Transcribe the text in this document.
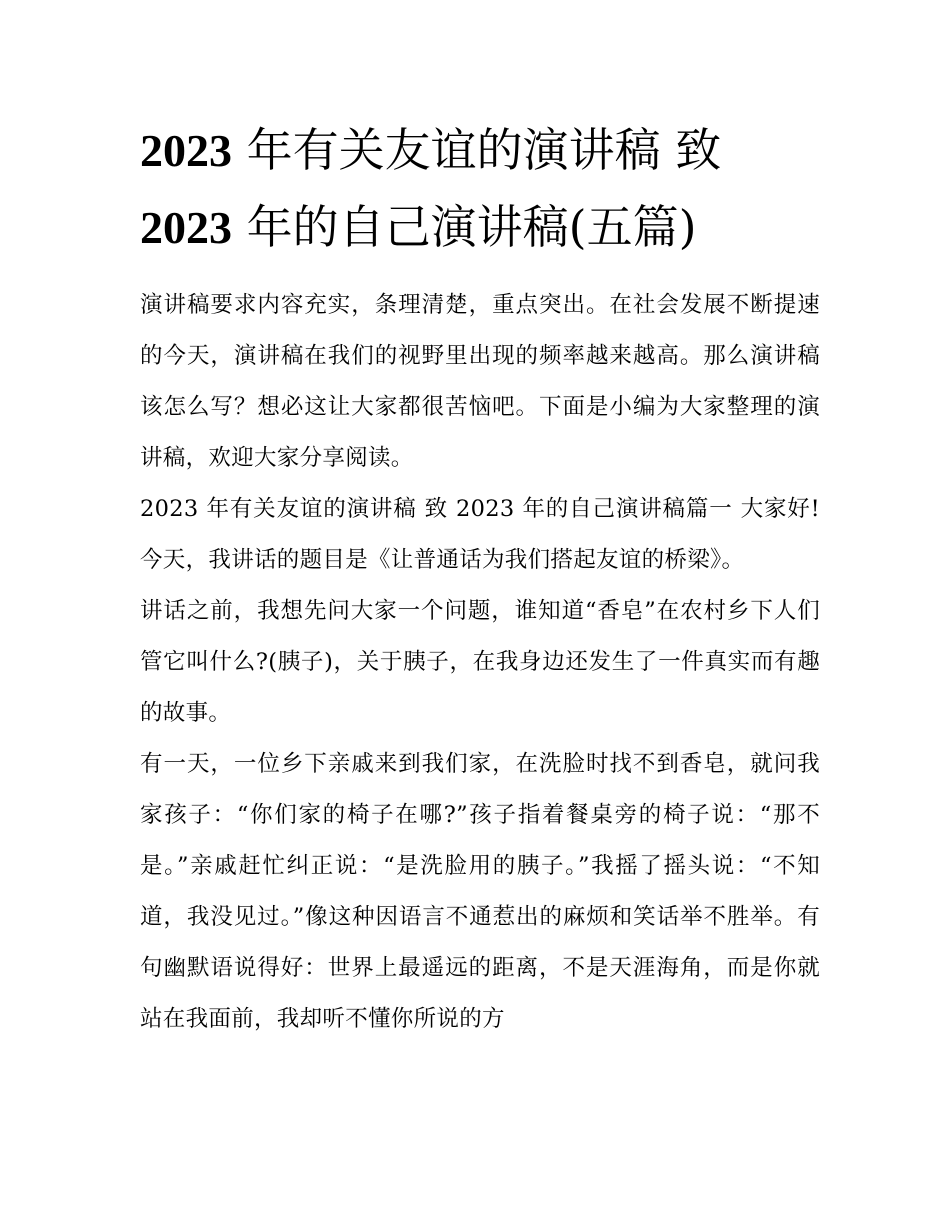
2023 年有关友谊的演讲稿 致
2023 年的自己演讲稿(五篇)

演讲稿要求内容充实，条理清楚，重点突出。在社会发展不断提速的今天，演讲稿在我们的视野里出现的频率越来越高。那么演讲稿该怎么写？想必这让大家都很苦恼吧。下面是小编为大家整理的演讲稿，欢迎大家分享阅读。

2023 年有关友谊的演讲稿 致 2023 年的自己演讲稿篇一 大家好! 今天，我讲话的题目是《让普通话为我们搭起友谊的桥梁》。

讲话之前，我想先问大家一个问题，谁知道“香皂”在农村乡下人们管它叫什么?(胰子)，关于胰子，在我身边还发生了一件真实而有趣的故事。

有一天，一位乡下亲戚来到我们家，在洗脸时找不到香皂，就问我家孩子：“你们家的椅子在哪?”孩子指着餐桌旁的椅子说：“那不是。”亲戚赶忙纠正说：“是洗脸用的胰子。”我摇了摇头说：“不知道，我没见过。”像这种因语言不通惹出的麻烦和笑话举不胜举。有句幽默语说得好：世界上最遥远的距离，不是天涯海角，而是你就站在我面前，我却听不懂你所说的方
